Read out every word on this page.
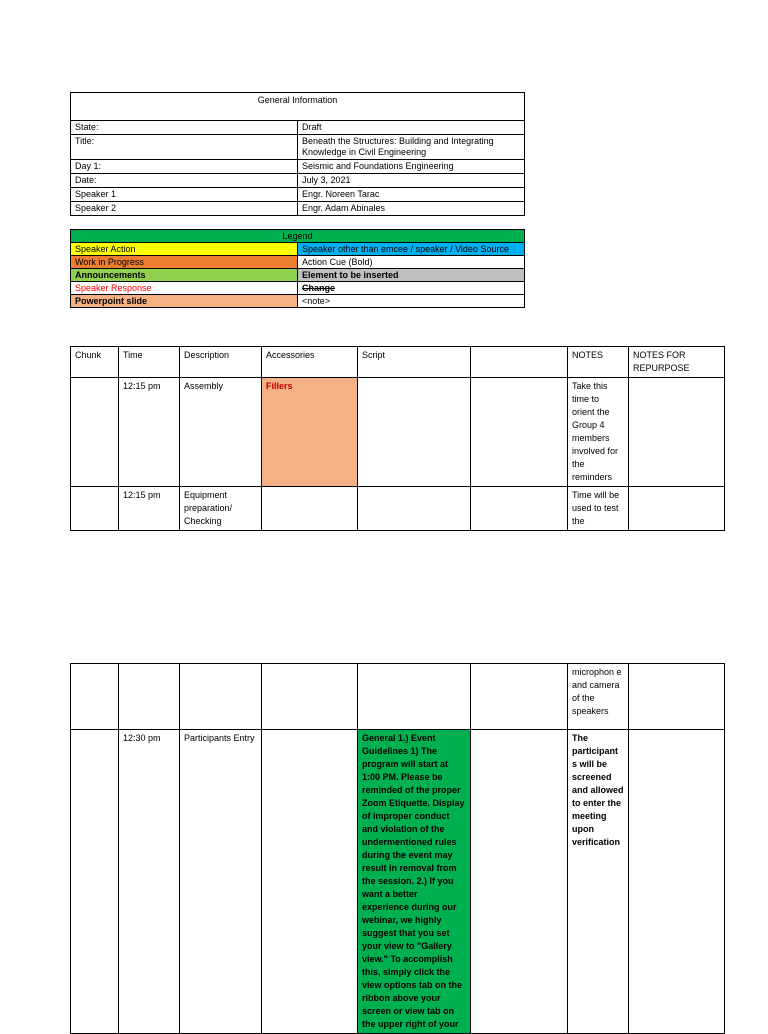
General Information	
State:	Draft
Title:	Beneath the Structures: Building and Integrating Knowledge in Civil Engineering
Day 1:	Seismic and Foundations Engineering
Date:	July 3, 2021
Speaker 1	Engr. Noreen Tarac
Speaker 2	Engr. Adam Abinales
Legend	
Speaker Action	Speaker other than emcee / speaker / Video Source
Work in Progress	Action Cue (Bold)
Announcements	Element to be inserted
Speaker Response	Change
Powerpoint slide	<note>
Chunk	Time	Description	Accessories	Script		NOTES	NOTES FOR REPURPOSE
	12:15 pm	Assembly	Fillers			Take this time to orient the Group 4 members involved for the reminders	
	12:15 pm	Equipment preparation/ Checking				Time will be used to test the	
						microphon e and camera of the speakers	
	12:30 pm	Participants Entry		General 1.) Event Guidelines 1) The program will start at 1:00 PM. Please be reminded of the proper Zoom Etiquette. Display of improper conduct and violation of the undermentioned rules during the event may result in removal from the session. 2.) If you want a better experience during our webinar, we highly suggest that you set your view to "Gallery view." To accomplish this, simply click the view options tab on the ribbon above your screen or view tab on the upper right of your		The participant s will be screened and allowed to enter the meeting upon verification	
